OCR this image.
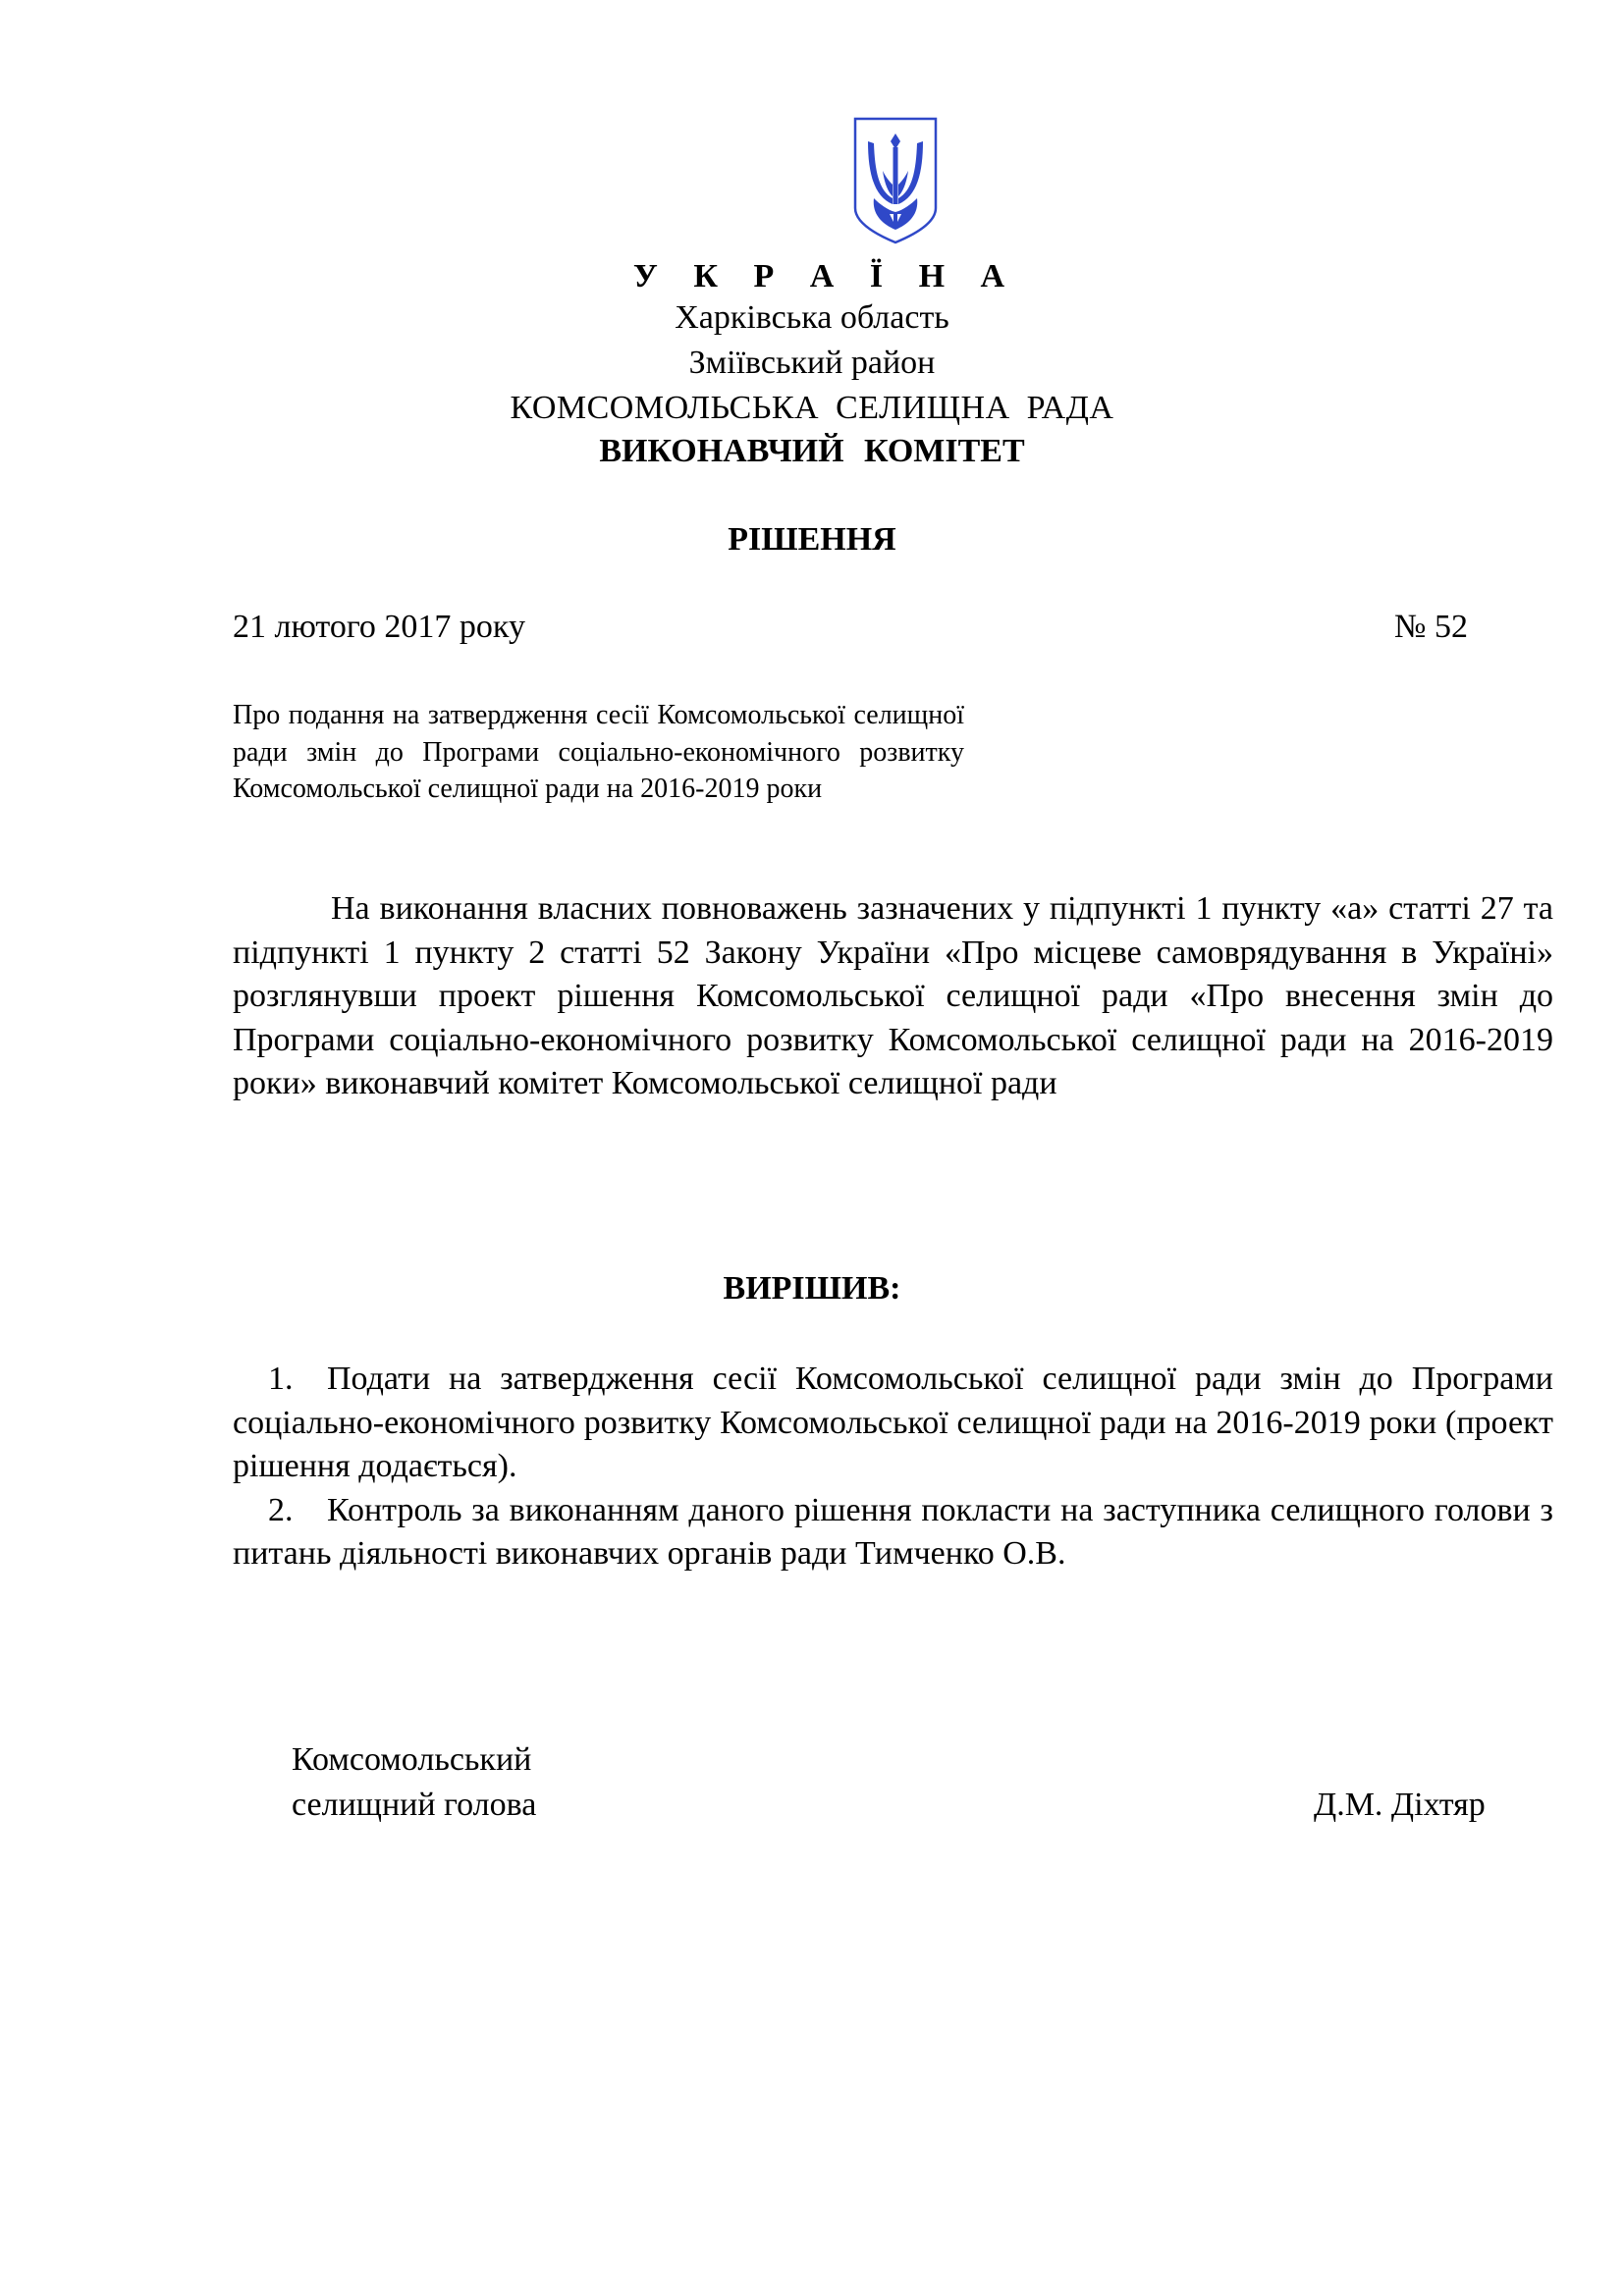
У К Р А Ї Н А
Харківська область
Зміївський район
КОМСОМОЛЬСЬКА СЕЛИЩНА РАДА
ВИКОНАВЧИЙ КОМІТЕТ
РІШЕННЯ
21 лютого 2017 року	№ 52
Про подання на затвердження сесії Комсомольської селищної ради змін до Програми соціально-економічного розвитку Комсомольської селищної ради на 2016-2019 роки

На виконання власних повноважень зазначених у підпункті 1 пункту «а» статті 27 та підпункті 1 пункту 2 статті 52 Закону України «Про місцеве самоврядування в Україні» розглянувши проект рішення Комсомольської селищної ради «Про внесення змін до Програми соціально-економічного розвитку Комсомольської селищної ради на 2016-2019 роки» виконавчий комітет Комсомольської селищної ради

ВИРІШИВ:
1. Подати на затвердження сесії Комсомольської селищної ради змін до Програми соціально-економічного розвитку Комсомольської селищної ради на 2016-2019 роки (проект рішення додається).
2. Контроль за виконанням даного рішення покласти на заступника селищного голови з питань діяльності виконавчих органів ради Тимченко О.В.
Комсомольський
селищний голова	Д.М. Діхтяр
